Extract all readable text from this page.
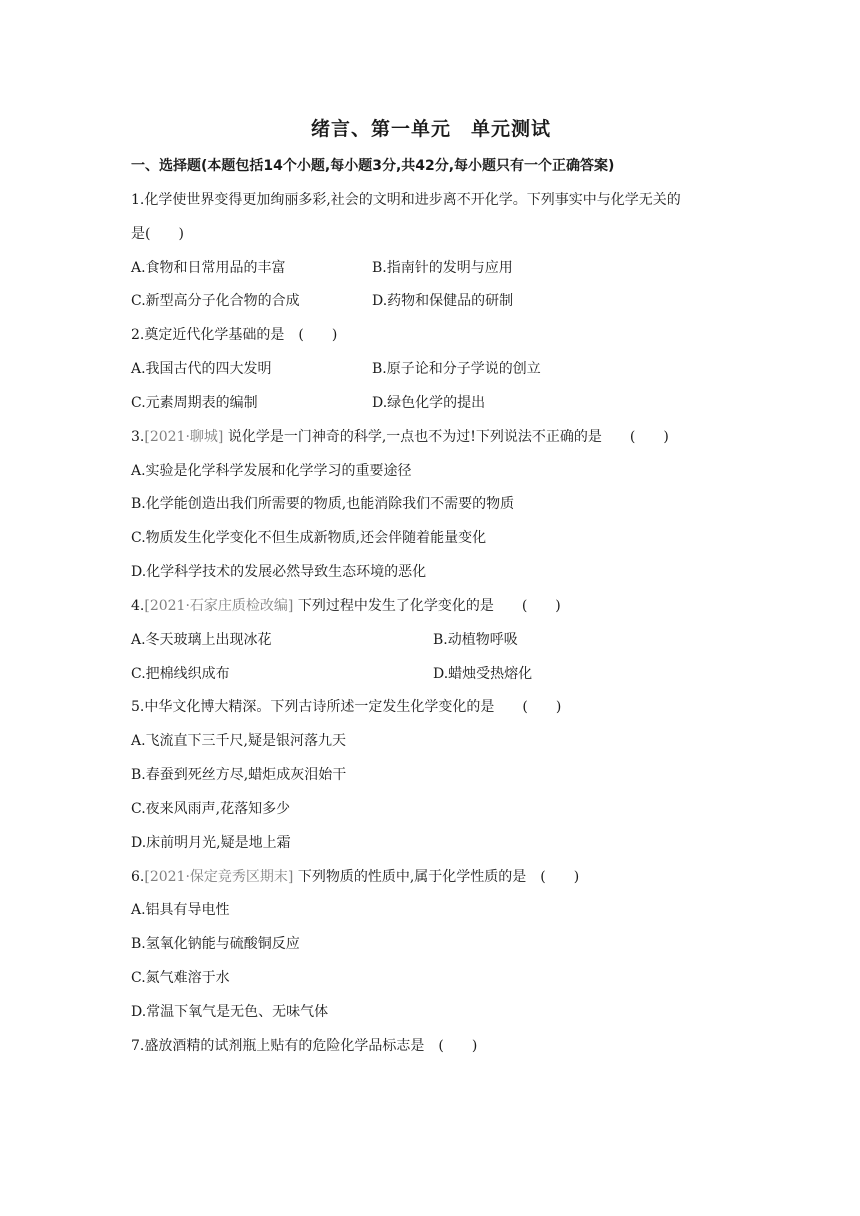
绪言、第一单元　单元测试
一、选择题(本题包括14个小题,每小题3分,共42分,每小题只有一个正确答案)
1.化学使世界变得更加绚丽多彩,社会的文明和进步离不开化学。下列事实中与化学无关的
是(　　)
A.食物和日常用品的丰富	B.指南针的发明与应用
C.新型高分子化合物的合成	D.药物和保健品的研制
2.奠定近代化学基础的是　 (　　)
A.我国古代的四大发明	B.原子论和分子学说的创立
C.元素周期表的编制	D.绿色化学的提出
3.[2021·聊城] 说化学是一门神奇的科学,一点也不为过!下列说法不正确的是　　 (　　)
A.实验是化学科学发展和化学学习的重要途径
B.化学能创造出我们所需要的物质,也能消除我们不需要的物质
C.物质发生化学变化不但生成新物质,还会伴随着能量变化
D.化学科学技术的发展必然导致生态环境的恶化
4.[2021·石家庄质检改编] 下列过程中发生了化学变化的是　　 (　　)
A.冬天玻璃上出现冰花	B.动植物呼吸
C.把棉线织成布	D.蜡烛受热熔化
5.中华文化博大精深。下列古诗所述一定发生化学变化的是　　 (　　)
A.飞流直下三千尺,疑是银河落九天
B.春蚕到死丝方尽,蜡炬成灰泪始干
C.夜来风雨声,花落知多少
D.床前明月光,疑是地上霜
6.[2021·保定竞秀区期末] 下列物质的性质中,属于化学性质的是　 (　　)
A.铝具有导电性
B.氢氧化钠能与硫酸铜反应
C.氮气难溶于水
D.常温下氧气是无色、无味气体
7.盛放酒精的试剂瓶上贴有的危险化学品标志是　 (　　)
